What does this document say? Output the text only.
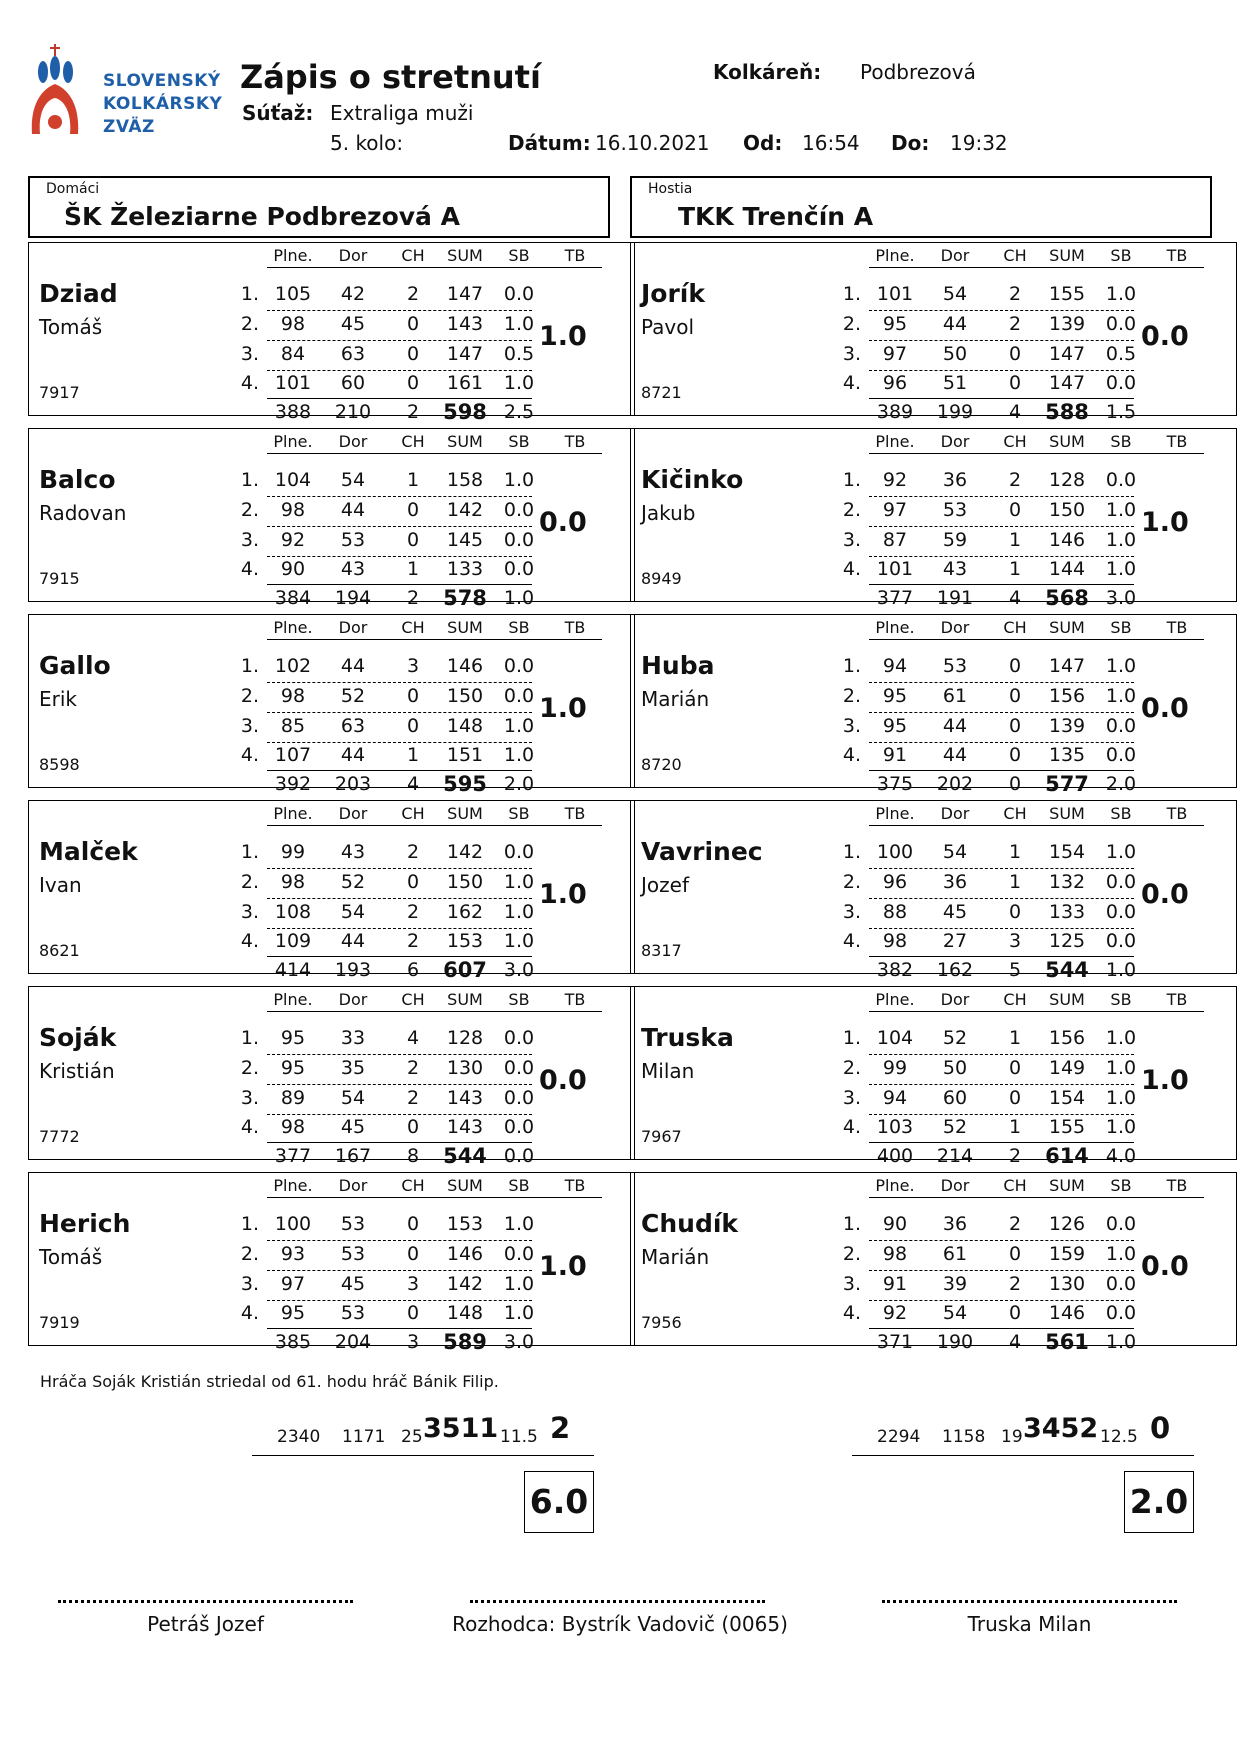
SLOVENSKÝ
KOLKÁRSKY
ZVÄZ
Zápis o stretnutí	Kolkáreň: Podbrezová
Súťaž: Extraliga muži
5. kolo:	Dátum: 16.10.2021 Od: 16:54 Do: 19:32
Domáci
ŠK Železiarne Podbrezová A
Hostia
TKK Trenčín A
Dziad
Tomáš
7917
1.0
Plne.	Dor	CH	SUM	SB	TB
1. 105	42	2	147	0.0
2.	98	45	0	143	1.0
3.	84	63	0	147	0.5
4. 101	60	0	161	1.0
388 210	2	598 2.5
Balco
Radovan
7915
0.0
Plne.	Dor	CH	SUM	SB	TB
1. 104	54	1	158	1.0
2.	98	44	0	142	0.0
3.	92	53	0	145	0.0
4.	90	43	1	133	0.0
384 194	2	578 1.0
Gallo
Erik
8598
1.0
Plne.	Dor	CH	SUM	SB	TB
1. 102	44	3	146	0.0
2.	98	52	0	150	0.0
3.	85	63	0	148	1.0
4. 107	44	1	151	1.0
392 203	4	595 2.0
Malček
Ivan
8621
1.0
Plne.	Dor	CH	SUM	SB	TB
1.	99	43	2	142	0.0
2.	98	52	0	150	1.0
3. 108	54	2	162	1.0
4. 109	44	2	153	1.0
414 193	6	607 3.0
Soják
Kristián
7772
0.0
Plne.	Dor	CH	SUM	SB	TB
1.	95	33	4	128	0.0
2.	95	35	2	130	0.0
3.	89	54	2	143	0.0
4.	98	45	0	143	0.0
377 167	8	544 0.0
Herich
Tomáš
7919
1.0
Plne.	Dor	CH	SUM	SB	TB
1. 100	53	0	153	1.0
2.	93	53	0	146	0.0
3.	97	45	3	142	1.0
4.	95	53	0	148	1.0
385 204	3	589 3.0
Jorík
Pavol
8721
0.0
Plne.	Dor	CH	SUM	SB	TB
1. 101	54	2	155	1.0
2.	95	44	2	139	0.0
3.	97	50	0	147	0.5
4.	96	51	0	147	0.0
389 199	4	588 1.5
Kičinko
Jakub
8949
1.0
Plne.	Dor	CH	SUM	SB	TB
1.	92	36	2	128	0.0
2.	97	53	0	150	1.0
3.	87	59	1	146	1.0
4. 101	43	1	144	1.0
377 191	4	568 3.0
Huba
Marián
8720
0.0
Plne.	Dor	CH	SUM	SB	TB
1.	94	53	0	147	1.0
2.	95	61	0	156	1.0
3.	95	44	0	139	0.0
4.	91	44	0	135	0.0
375 202	0	577 2.0
Vavrinec
Jozef
8317
0.0
Plne.	Dor	CH	SUM	SB	TB
1. 100	54	1	154	1.0
2.	96	36	1	132	0.0
3.	88	45	0	133	0.0
4.	98	27	3	125	0.0
382 162	5	544 1.0
Truska
Milan
7967
1.0
Plne.	Dor	CH	SUM	SB	TB
1. 104	52	1	156	1.0
2.	99	50	0	149	1.0
3.	94	60	0	154	1.0
4. 103	52	1	155	1.0
400 214	2	614 4.0
Chudík
Marián
7956
0.0
Plne.	Dor	CH	SUM	SB	TB
1.	90	36	2	126	0.0
2.	98	61	0	159	1.0
3.	91	39	2	130	0.0
4.	92	54	0	146	0.0
371 190	4	561 1.0
Hráča Soják Kristián striedal od 61. hodu hráč Bánik Filip.
2340 1171 25 3511 11.5 2
6.0
2294 1158 19 3452 12.5 0
2.0
Petráš Jozef	Rozhodca: Bystrík Vadovič (0065)	Truska Milan
